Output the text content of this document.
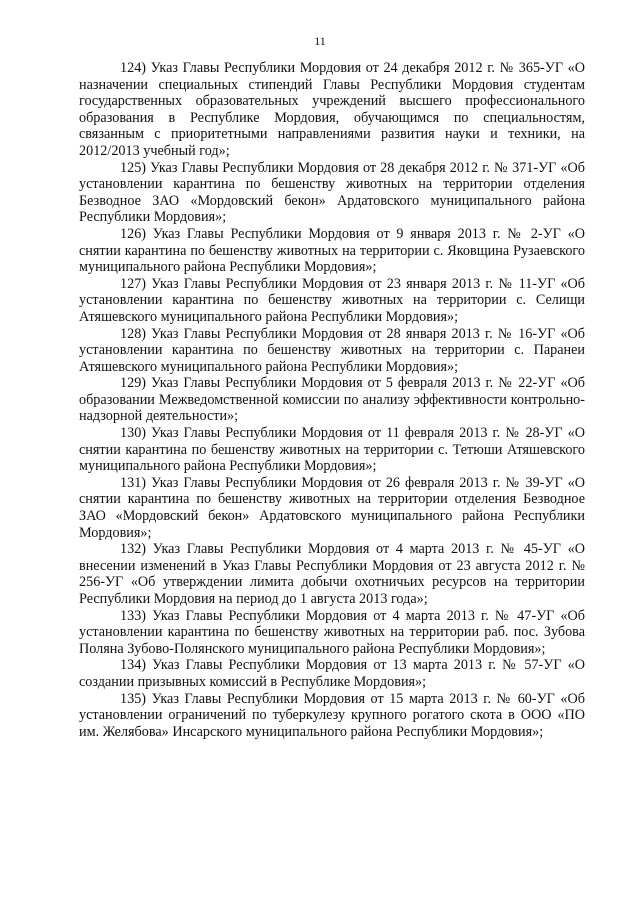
11

124) Указ Главы Республики Мордовия от 24 декабря 2012 г. № 365-УГ «О назначении специальных стипендий Главы Республики Мордовия студентам государственных образовательных учреждений высшего профессионального образования в Республике Мордовия, обучающимся по специальностям, связанным с приоритетными направлениями развития науки и техники, на 2012/2013 учебный год»;

125) Указ Главы Республики Мордовия от 28 декабря 2012 г. № 371-УГ «Об установлении карантина по бешенству животных на территории отделения Безводное ЗАО «Мордовский бекон» Ардатовского муниципального района Республики Мордовия»;

126) Указ Главы Республики Мордовия от 9 января 2013 г. № 2-УГ «О снятии карантина по бешенству животных на территории с. Яковщина Рузаевского муниципального района Республики Мордовия»;

127) Указ Главы Республики Мордовия от 23 января 2013 г. № 11-УГ «Об установлении карантина по бешенству животных на территории с. Селищи Атяшевского муниципального района Республики Мордовия»;

128) Указ Главы Республики Мордовия от 28 января 2013 г. № 16-УГ «Об установлении карантина по бешенству животных на территории с. Паранеи Атяшевского муниципального района Республики Мордовия»;

129) Указ Главы Республики Мордовия от 5 февраля 2013 г. № 22-УГ «Об образовании Межведомственной комиссии по анализу эффективности контрольно-надзорной деятельности»;

130) Указ Главы Республики Мордовия от 11 февраля 2013 г. № 28-УГ «О снятии карантина по бешенству животных на территории с. Тетюши Атяшевского муниципального района Республики Мордовия»;

131) Указ Главы Республики Мордовия от 26 февраля 2013 г. № 39-УГ «О снятии карантина по бешенству животных на территории отделения Безводное ЗАО «Мордовский бекон» Ардатовского муниципального района Республики Мордовия»;

132) Указ Главы Республики Мордовия от 4 марта 2013 г. № 45-УГ «О внесении изменений в Указ Главы Республики Мордовия от 23 августа 2012 г. № 256-УГ «Об утверждении лимита добычи охотничьих ресурсов на территории Республики Мордовия на период до 1 августа 2013 года»;

133) Указ Главы Республики Мордовия от 4 марта 2013 г. № 47-УГ «Об установлении карантина по бешенству животных на территории раб. пос. Зубова Поляна Зубово-Полянского муниципального района Республики Мордовия»;

134) Указ Главы Республики Мордовия от 13 марта 2013 г. № 57-УГ «О создании призывных комиссий в Республике Мордовия»;

135) Указ Главы Республики Мордовия от 15 марта 2013 г. № 60-УГ «Об установлении ограничений по туберкулезу крупного рогатого скота в ООО «ПО им. Желябова» Инсарского муниципального района Республики Мордовия»;
